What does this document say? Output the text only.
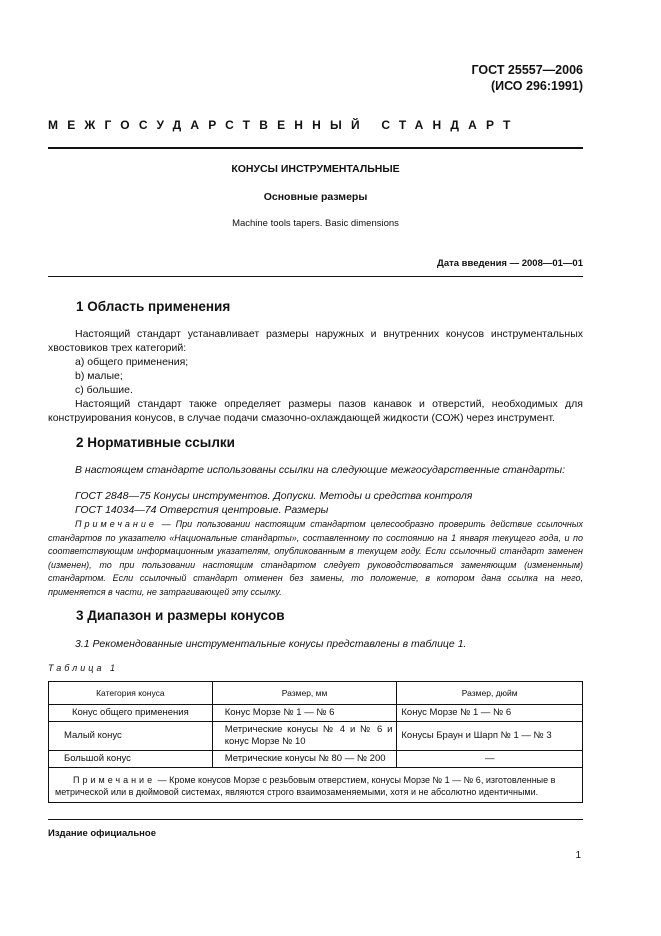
ГОСТ 25557—2006
(ИСО 296:1991)
МЕЖГОСУДАРСТВЕННЫЙ СТАНДАРТ
КОНУСЫ ИНСТРУМЕНТАЛЬНЫЕ
Основные размеры
Machine tools tapers. Basic dimensions
Дата введения — 2008—01—01
1 Область применения
Настоящий стандарт устанавливает размеры наружных и внутренних конусов инструментальных хвостовиков трех категорий:
a) общего применения;
b) малые;
c) большие.
Настоящий стандарт также определяет размеры пазов канавок и отверстий, необходимых для конструирования конусов, в случае подачи смазочно-охлаждающей жидкости (СОЖ) через инструмент.
2 Нормативные ссылки
В настоящем стандарте использованы ссылки на следующие межгосударственные стандарты:
ГОСТ 2848—75 Конусы инструментов. Допуски. Методы и средства контроля
ГОСТ 14034—74 Отверстия центровые. Размеры
Примечание — При пользовании настоящим стандартом целесообразно проверить действие ссылочных стандартов по указателю «Национальные стандарты», составленному по состоянию на 1 января текущего года, и по соответствующим информационным указателям, опубликованным в текущем году. Если ссылочный стандарт заменен (изменен), то при пользовании настоящим стандартом следует руководствоваться заменяющим (измененным) стандартом. Если ссылочный стандарт отменен без замены, то положение, в котором дана ссылка на него, применяется в части, не затрагивающей эту ссылку.
3 Диапазон и размеры конусов
3.1 Рекомендованные инструментальные конусы представлены в таблице 1.
Таблица 1
Категория конуса	Размер, мм	Размер, дюйм
Конус общего применения	Конус Морзе № 1 — № 6	Конус Морзе № 1 — № 6
Малый конус	Метрические конусы № 4 и № 6 и конус Морзе № 10	Конусы Браун и Шарп № 1 — № 3
Большой конус	Метрические конусы № 80 — № 200	—
Примечание — Кроме конусов Морзе с резьбовым отверстием, конусы Морзе № 1 — № 6, изготовленные в метрической или в дюймовой системах, являются строго взаимозаменяемыми, хотя и не абсолютно идентичными.		
Издание официальное
1
